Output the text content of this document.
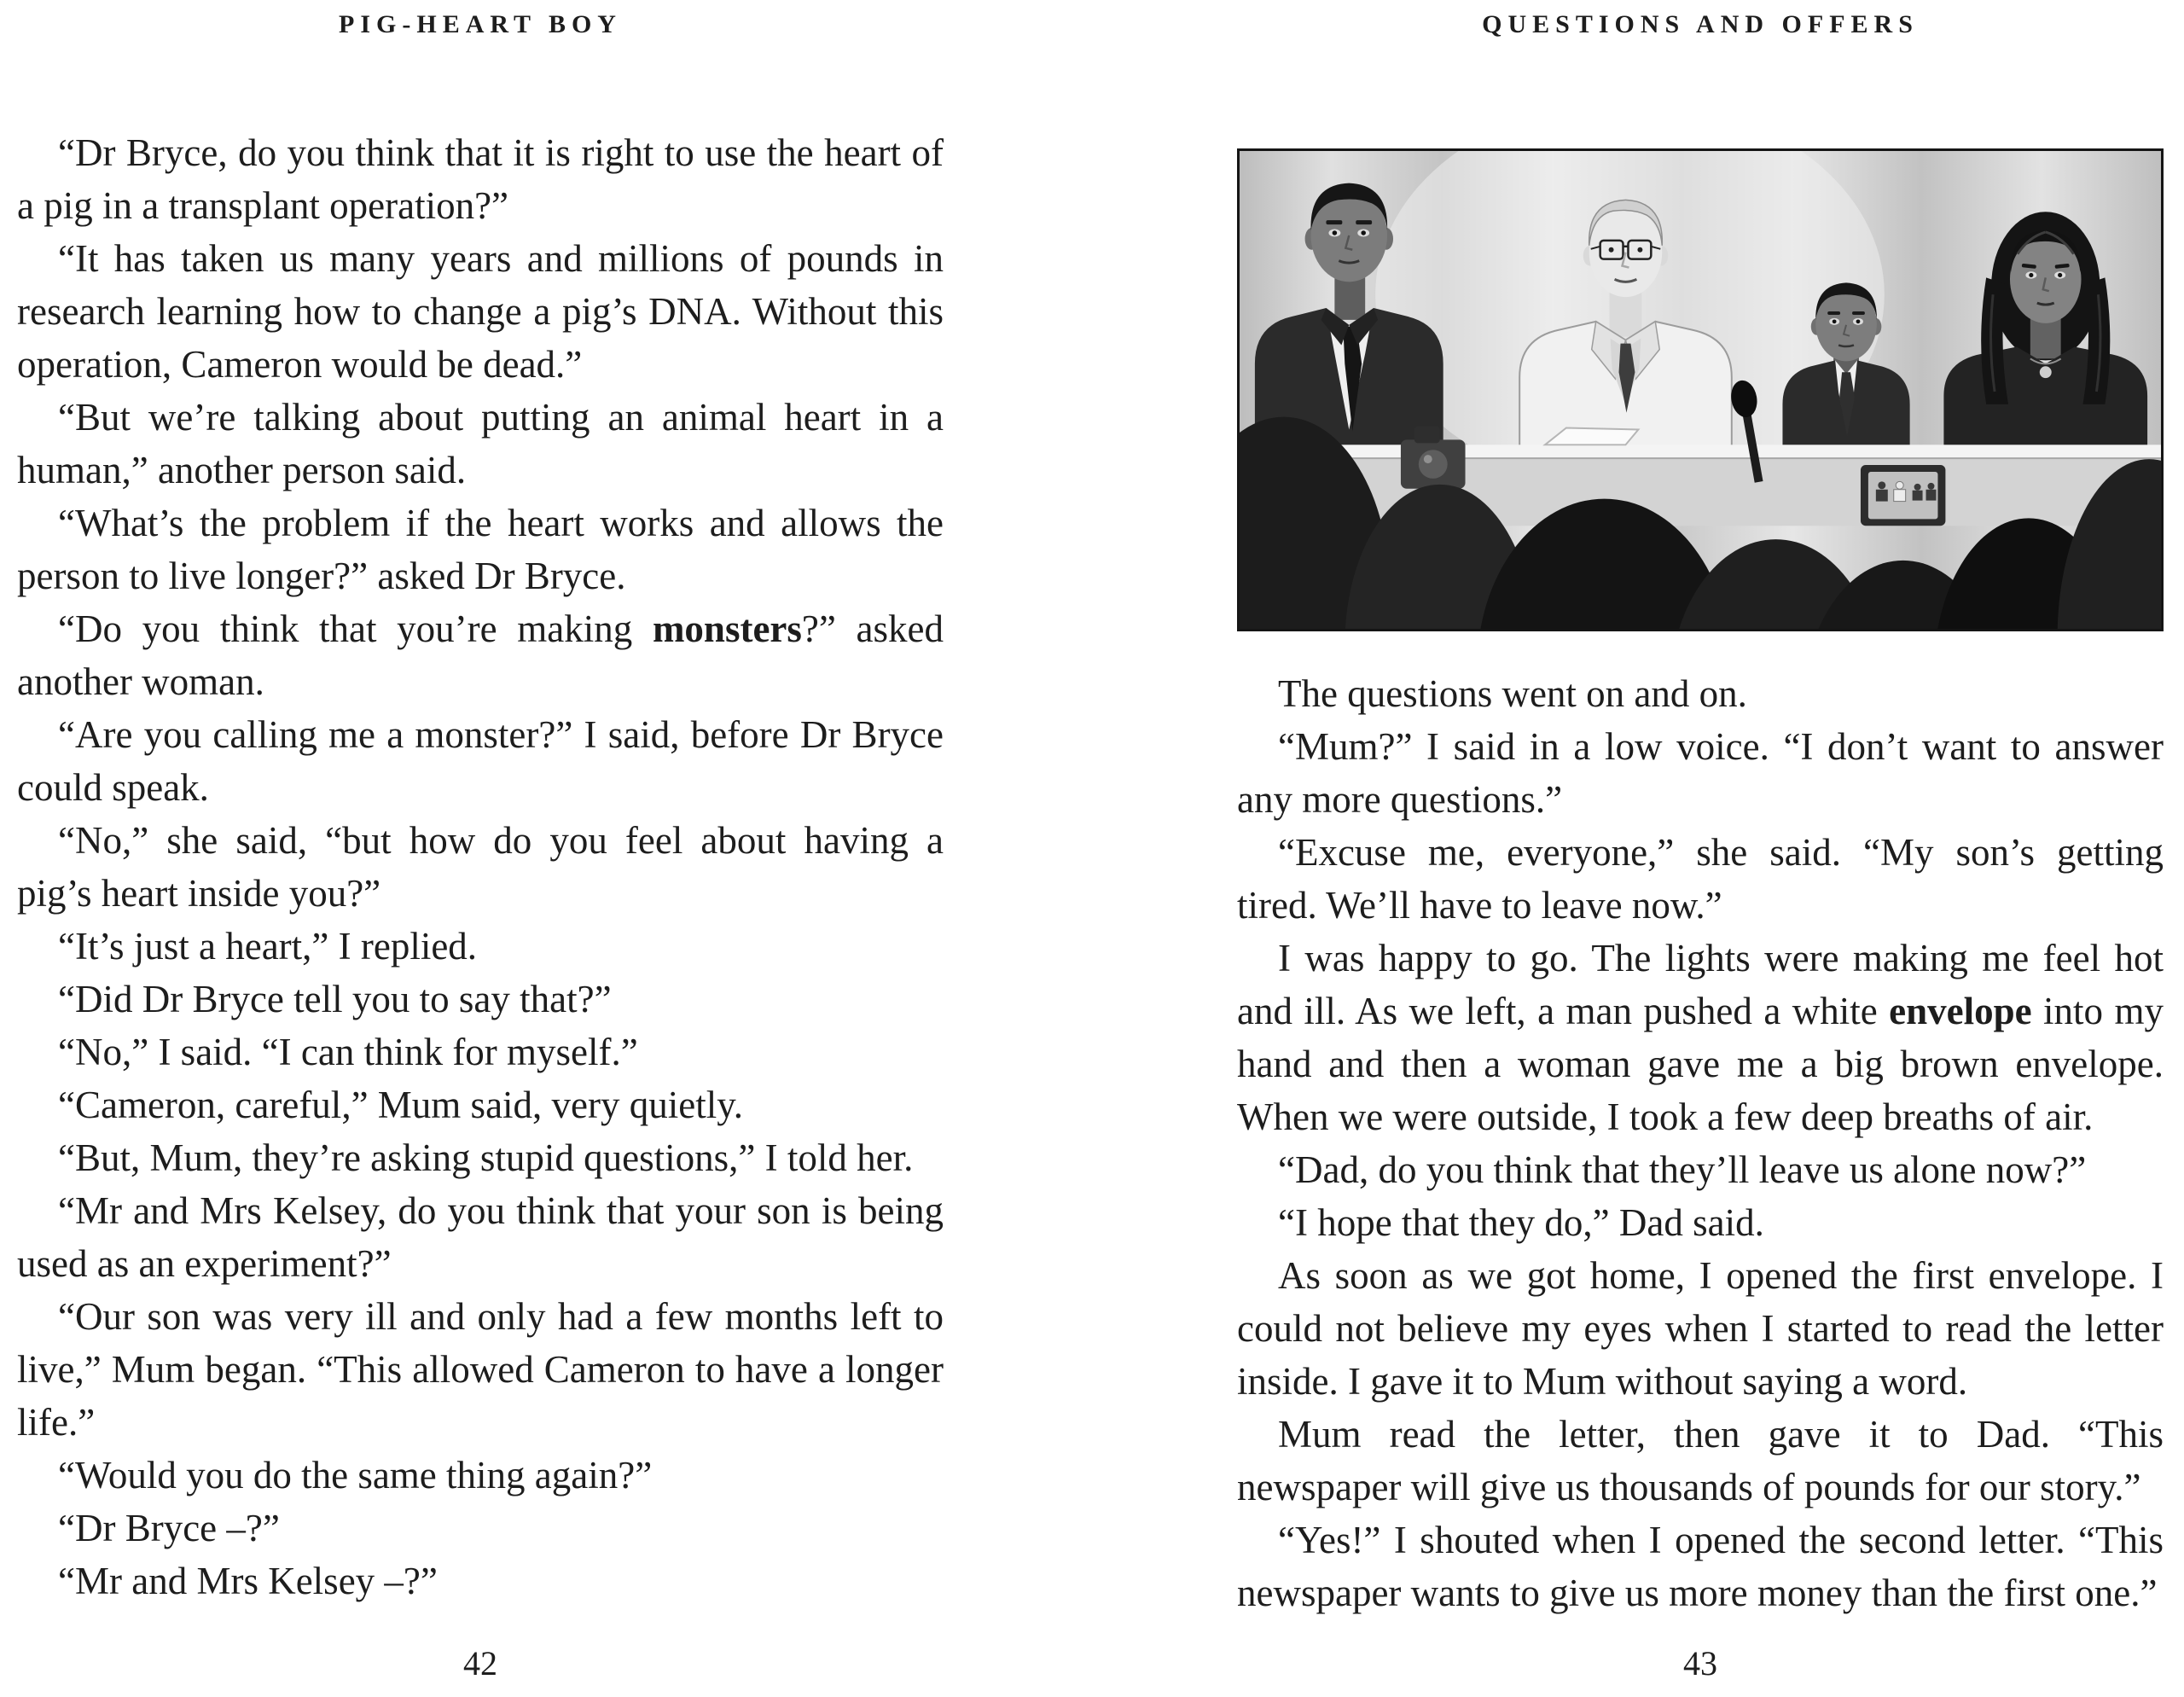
PIG-HEART BOY

“Dr Bryce, do you think that it is right to use the heart of a pig in a transplant operation?”

“It has taken us many years and millions of pounds in research learning how to change a pig’s DNA. Without this operation, Cameron would be dead.”

“But we’re talking about putting an animal heart in a human,” another person said.

“What’s the problem if the heart works and allows the person to live longer?” asked Dr Bryce.

“Do you think that you’re making monsters?” asked another woman.

“Are you calling me a monster?” I said, before Dr Bryce could speak.

“No,” she said, “but how do you feel about having a pig’s heart inside you?”

“It’s just a heart,” I replied.

“Did Dr Bryce tell you to say that?”

“No,” I said. “I can think for myself.”

“Cameron, careful,” Mum said, very quietly.

“But, Mum, they’re asking stupid questions,” I told her.

“Mr and Mrs Kelsey, do you think that your son is being used as an experiment?”

“Our son was very ill and only had a few months left to live,” Mum began. “This allowed Cameron to have a longer life.”

“Would you do the same thing again?”

“Dr Bryce –?”

“Mr and Mrs Kelsey –?”

42
QUESTIONS AND OFFERS

The questions went on and on.

“Mum?” I said in a low voice. “I don’t want to answer any more questions.”

“Excuse me, everyone,” she said. “My son’s getting tired. We’ll have to leave now.”

I was happy to go. The lights were making me feel hot and ill. As we left, a man pushed a white envelope into my hand and then a woman gave me a big brown envelope. When we were outside, I took a few deep breaths of air.

“Dad, do you think that they’ll leave us alone now?”

“I hope that they do,” Dad said.

As soon as we got home, I opened the first envelope. I could not believe my eyes when I started to read the letter inside. I gave it to Mum without saying a word.

Mum read the letter, then gave it to Dad. “This newspaper will give us thousands of pounds for our story.”

“Yes!” I shouted when I opened the second letter. “This newspaper wants to give us more money than the first one.”

43
